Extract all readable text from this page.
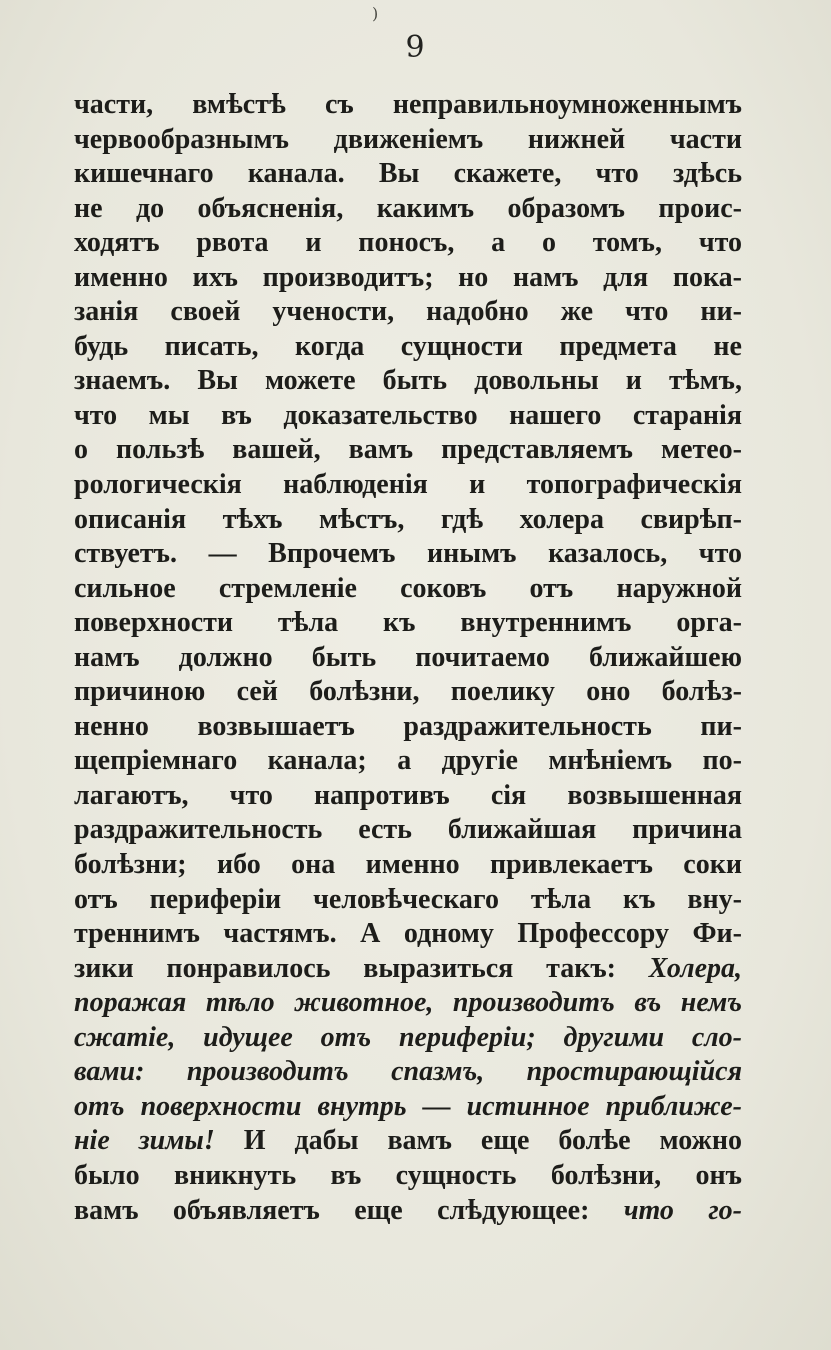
)
9
части, вмѣстѣ съ неправильноумноженнымъ
червообразнымъ движеніемъ нижней части
кишечнаго канала. Вы скажете, что здѣсь
не до объясненія, какимъ образомъ проис-
ходятъ рвота и поносъ, а о томъ, что
именно ихъ производитъ; но намъ для пока-
занія своей учености, надобно же что ни-
будь писать, когда сущности предмета не
знаемъ. Вы можете быть довольны и тѣмъ,
что мы въ доказательство нашего старанія
о пользѣ вашей, вамъ представляемъ метео-
рологическія наблюденія и топографическія
описанія тѣхъ мѣстъ, гдѣ холера свирѣп-
ствуетъ. — Впрочемъ инымъ казалось, что
сильное стремленіе соковъ отъ наружной
поверхности тѣла къ внутреннимъ орга-
намъ должно быть почитаемо ближайшею
причиною сей болѣзни, поелику оно болѣз-
ненно возвышаетъ раздражительность пи-
щепріемнаго канала; а другіе мнѣніемъ по-
лагаютъ, что напротивъ сія возвышенная
раздражительность есть ближайшая причина
болѣзни; ибо она именно привлекаетъ соки
отъ периферіи человѣческаго тѣла къ вну-
треннимъ частямъ. А одному Профессору Фи-
зики понравилось выразиться такъ: Холера,
поражая тѣло животное, производитъ въ немъ
сжатіе, идущее отъ периферіи; другими сло-
вами: производитъ спазмъ, простирающійся
отъ поверхности внутрь — истинное приближе-
ніе зимы! И дабы вамъ еще болѣе можно
было вникнуть въ сущность болѣзни, онъ
вамъ объявляетъ еще слѣдующее: что го-
